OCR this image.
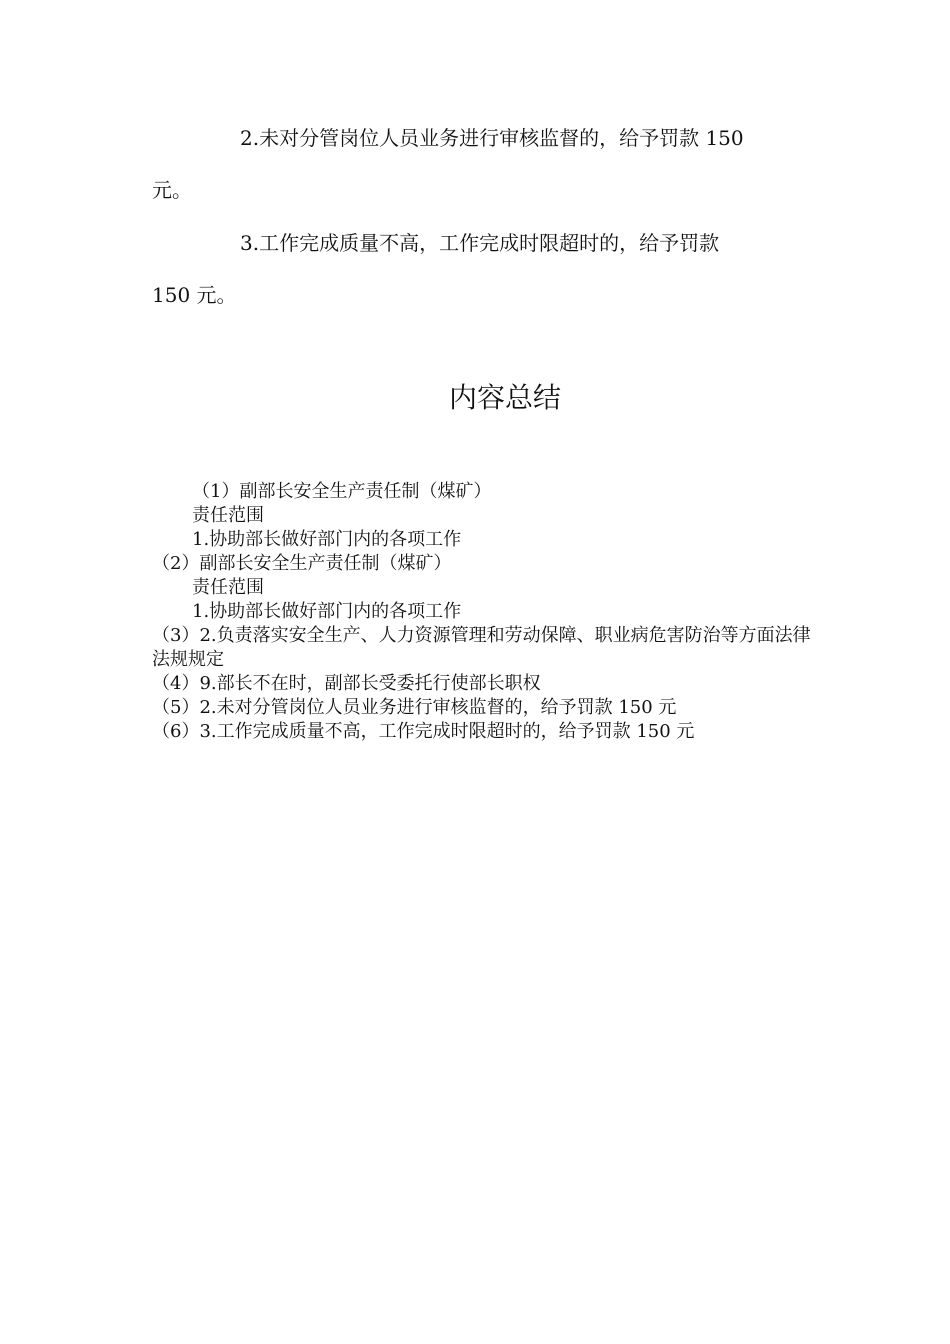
2.未对分管岗位人员业务进行审核监督的，给予罚款 150
元。
3.工作完成质量不高，工作完成时限超时的，给予罚款
150 元。
内容总结
（1）副部长安全生产责任制（煤矿）
责任范围
1.协助部长做好部门内的各项工作
（2）副部长安全生产责任制（煤矿）
责任范围
1.协助部长做好部门内的各项工作
（3）2.负责落实安全生产、人力资源管理和劳动保障、职业病危害防治等方面法律法规规定
（4）9.部长不在时，副部长受委托行使部长职权
（5）2.未对分管岗位人员业务进行审核监督的，给予罚款 150 元
（6）3.工作完成质量不高，工作完成时限超时的，给予罚款 150 元
